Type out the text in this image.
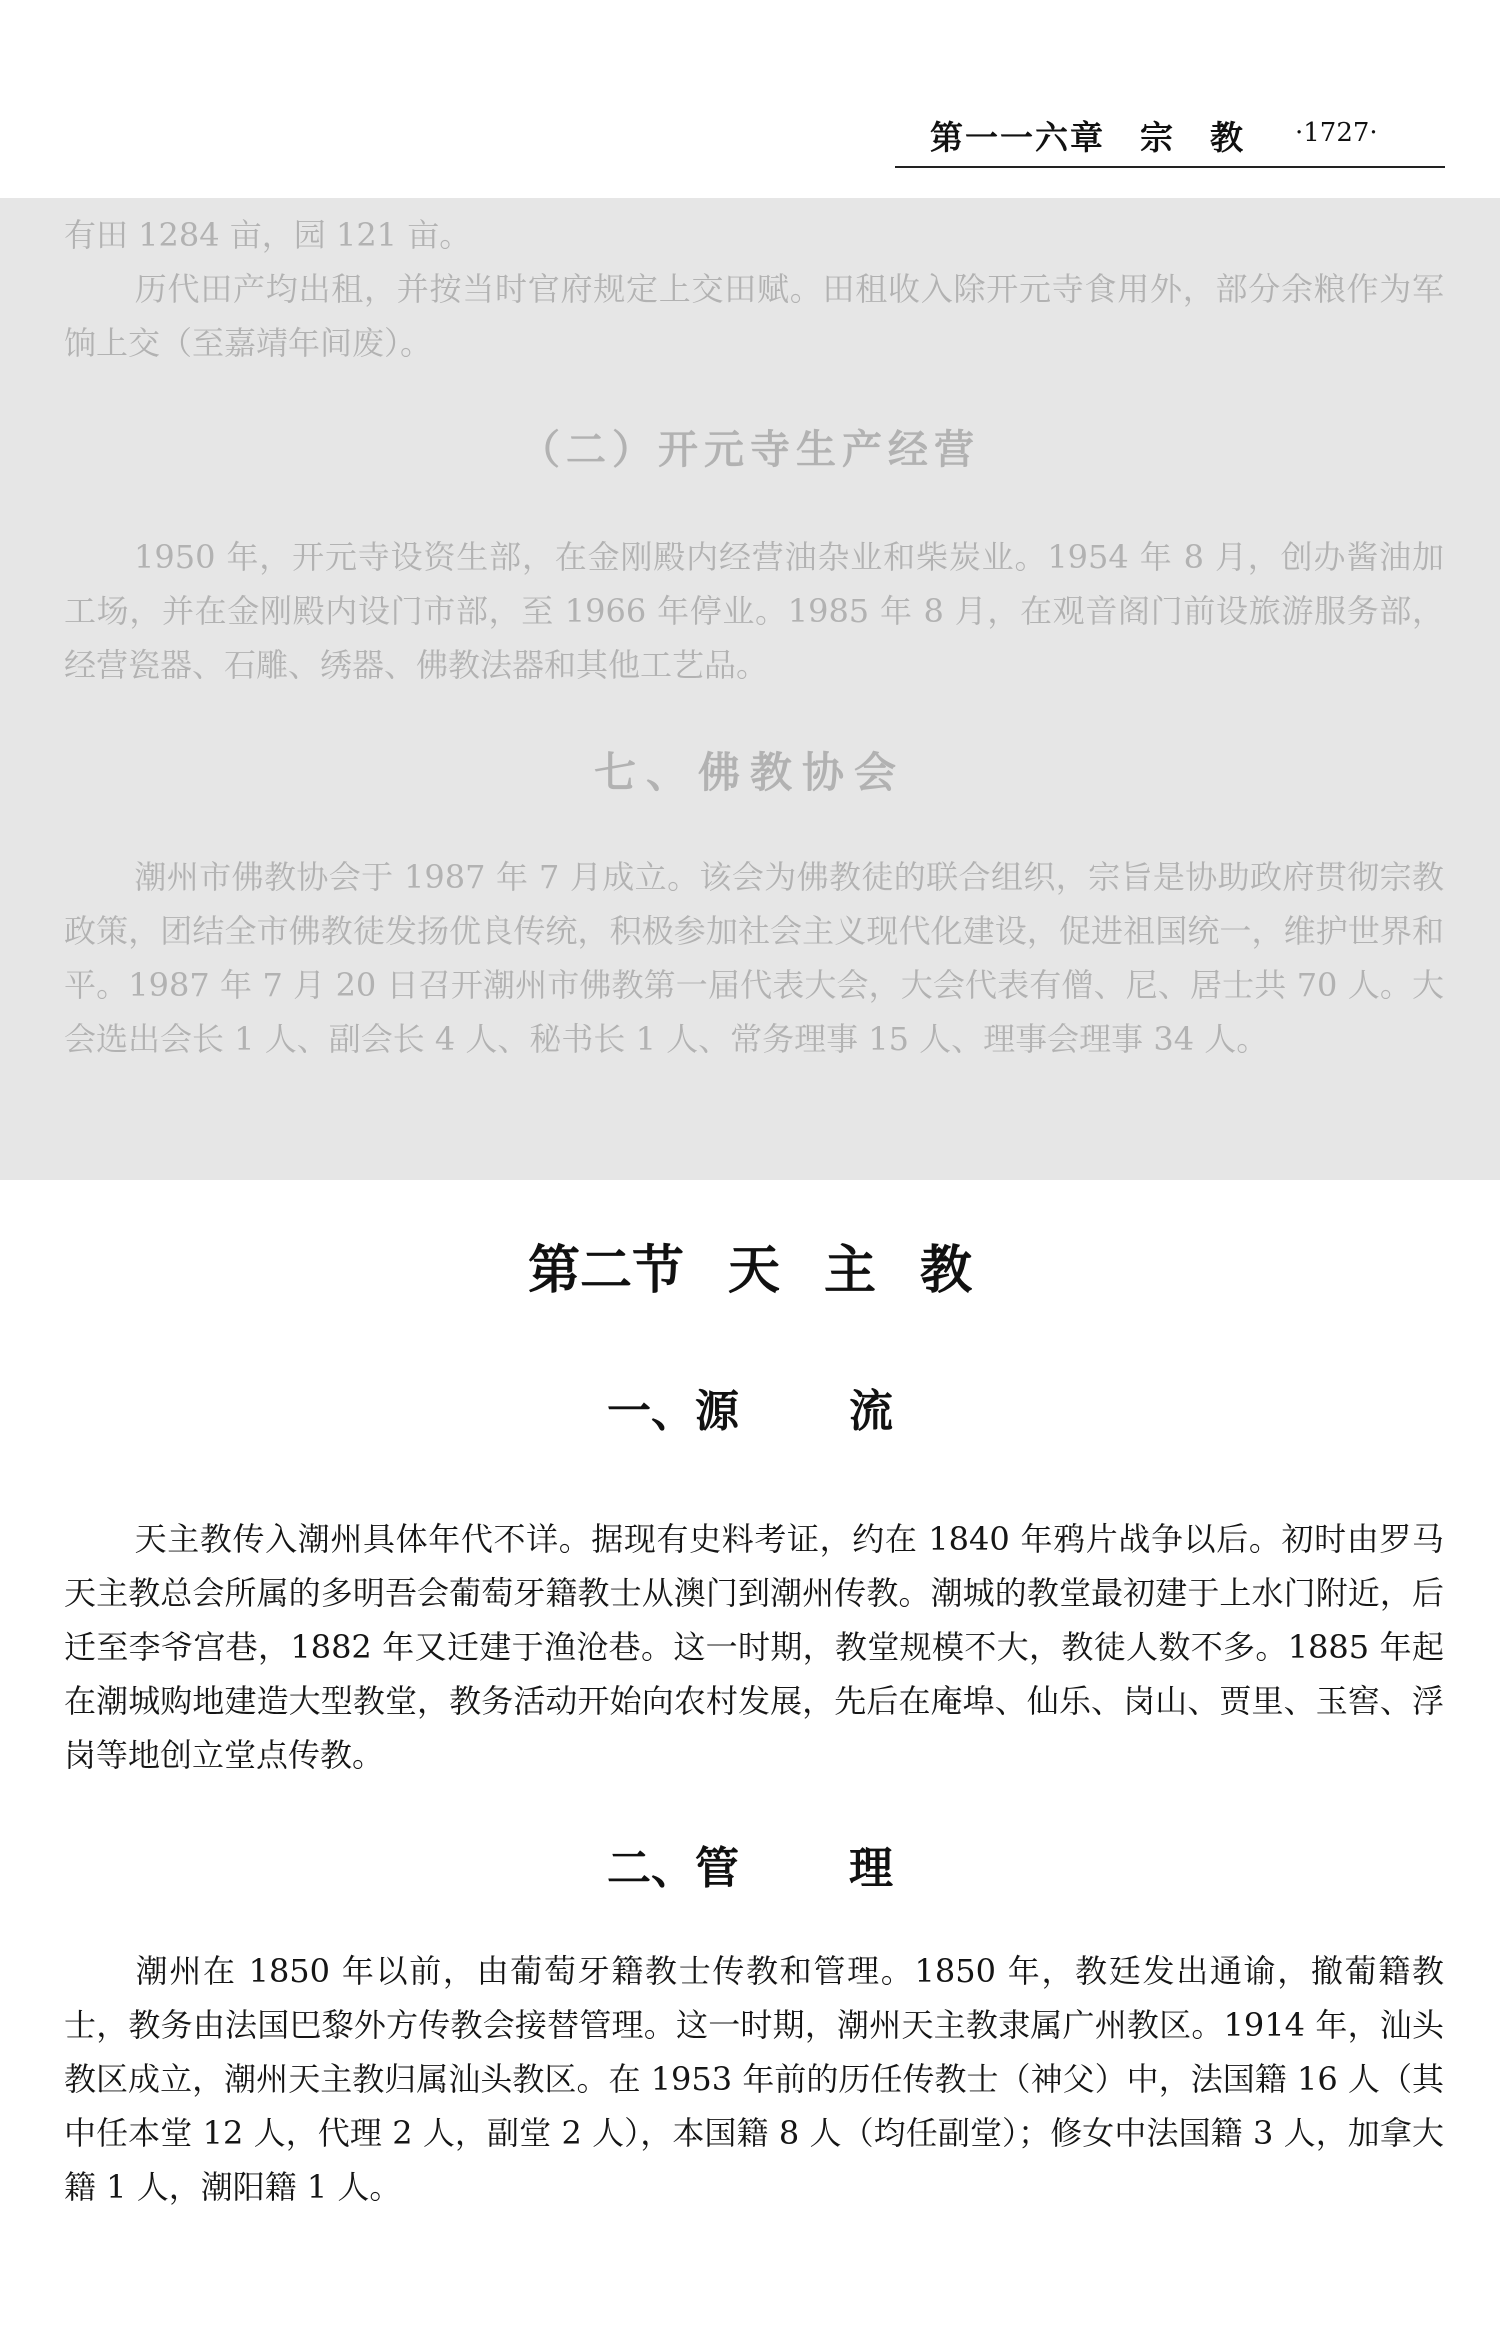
第一一六章　宗　教 ·1727·

有田 1284 亩，园 121 亩。

历代田产均出租，并按当时官府规定上交田赋。田租收入除开元寺食用外，部分余粮作为军饷上交（至嘉靖年间废）。

（二）开元寺生产经营

1950 年，开元寺设资生部，在金刚殿内经营油杂业和柴炭业。1954 年 8 月，创办酱油加工场，并在金刚殿内设门市部，至 1966 年停业。1985 年 8 月，在观音阁门前设旅游服务部，经营瓷器、石雕、绣器、佛教法器和其他工艺品。

七、佛教协会

潮州市佛教协会于 1987 年 7 月成立。该会为佛教徒的联合组织，宗旨是协助政府贯彻宗教政策，团结全市佛教徒发扬优良传统，积极参加社会主义现代化建设，促进祖国统一，维护世界和平。1987 年 7 月 20 日召开潮州市佛教第一届代表大会，大会代表有僧、尼、居士共 70 人。大会选出会长 1 人、副会长 4 人、秘书长 1 人、常务理事 15 人、理事会理事 34 人。

第二节 天 主 教
一、源	流

天主教传入潮州具体年代不详。据现有史料考证，约在 1840 年鸦片战争以后。初时由罗马天主教总会所属的多明吾会葡萄牙籍教士从澳门到潮州传教。潮城的教堂最初建于上水门附近，后迁至李爷宫巷，1882 年又迁建于渔沧巷。这一时期，教堂规模不大，教徒人数不多。1885 年起在潮城购地建造大型教堂，教务活动开始向农村发展，先后在庵埠、仙乐、岗山、贾里、玉窖、浮岗等地创立堂点传教。

二、管	理

潮州在 1850 年以前，由葡萄牙籍教士传教和管理。1850 年，教廷发出通谕，撤葡籍教士，教务由法国巴黎外方传教会接替管理。这一时期，潮州天主教隶属广州教区。1914 年，汕头教区成立，潮州天主教归属汕头教区。在 1953 年前的历任传教士（神父）中，法国籍 16 人（其中任本堂 12 人，代理 2 人，副堂 2 人），本国籍 8 人（均任副堂）；修女中法国籍 3 人，加拿大籍 1 人，潮阳籍 1 人。
